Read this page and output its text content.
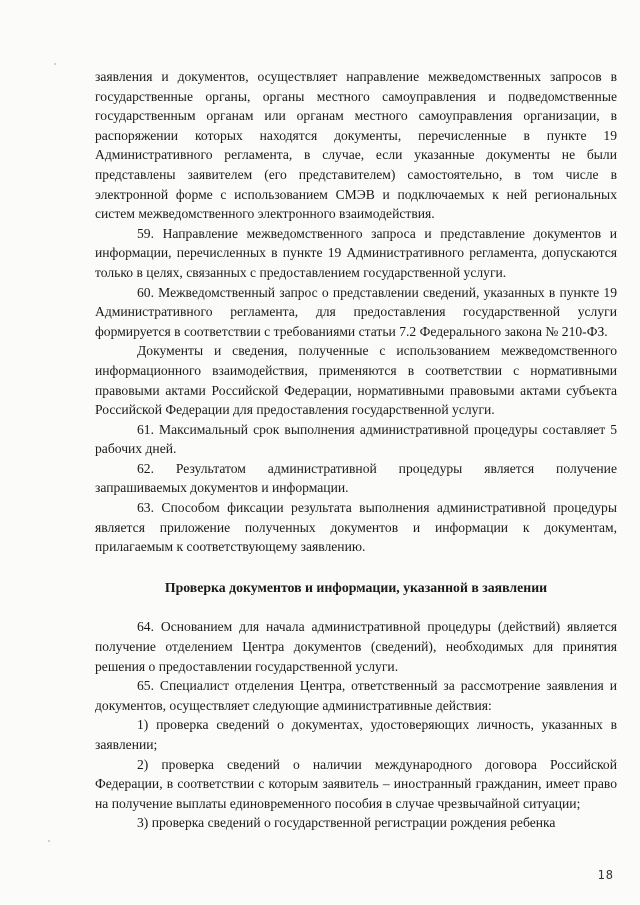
заявления и документов, осуществляет направление межведомственных запросов в государственные органы, органы местного самоуправления и подведомственные государственным органам или органам местного самоуправления организации, в распоряжении которых находятся документы, перечисленные в пункте 19 Административного регламента, в случае, если указанные документы не были представлены заявителем (его представителем) самостоятельно, в том числе в электронной форме с использованием СМЭВ и подключаемых к ней региональных систем межведомственного электронного взаимодействия.

59. Направление межведомственного запроса и представление документов и информации, перечисленных в пункте 19 Административного регламента, допускаются только в целях, связанных с предоставлением государственной услуги.

60. Межведомственный запрос о представлении сведений, указанных в пункте 19 Административного регламента, для предоставления государственной услуги формируется в соответствии с требованиями статьи 7.2 Федерального закона № 210-ФЗ.

Документы и сведения, полученные с использованием межведомственного информационного взаимодействия, применяются в соответствии с нормативными правовыми актами Российской Федерации, нормативными правовыми актами субъекта Российской Федерации для предоставления государственной услуги.

61. Максимальный срок выполнения административной процедуры составляет 5 рабочих дней.

62. Результатом административной процедуры является получение запрашиваемых документов и информации.

63. Способом фиксации результата выполнения административной процедуры является приложение полученных документов и информации к документам, прилагаемым к соответствующему заявлению.

Проверка документов и информации, указанной в заявлении

64. Основанием для начала административной процедуры (действий) является получение отделением Центра документов (сведений), необходимых для принятия решения о предоставлении государственной услуги.

65. Специалист отделения Центра, ответственный за рассмотрение заявления и документов, осуществляет следующие административные действия:

1) проверка сведений о документах, удостоверяющих личность, указанных в заявлении;

2) проверка сведений о наличии международного договора Российской Федерации, в соответствии с которым заявитель – иностранный гражданин, имеет право на получение выплаты единовременного пособия в случае чрезвычайной ситуации;

3) проверка сведений о государственной регистрации рождения ребенка

18
